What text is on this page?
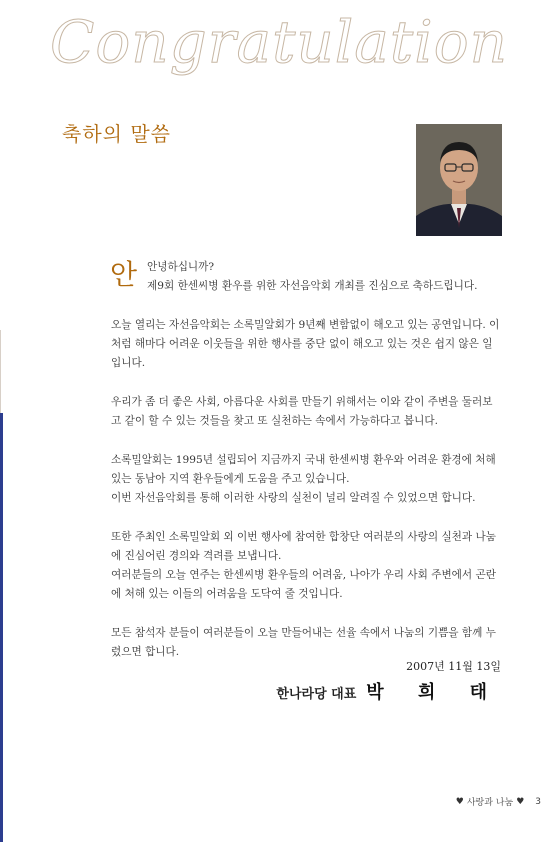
Congratulation
축하의 말씀
안 안녕하십니까?
제9회 한센씨병 환우를 위한 자선음악회 개최를 진심으로 축하드립니다.

오늘 열리는 자선음악회는 소록밀알회가 9년째 변함없이 해오고 있는 공연입니다. 이처럼 해마다 어려운 이웃들을 위한 행사를 중단 없이 해오고 있는 것은 쉽지 않은 일입니다.

우리가 좀 더 좋은 사회, 아름다운 사회를 만들기 위해서는 이와 같이 주변을 둘러보고 같이 할 수 있는 것들을 찾고 또 실천하는 속에서 가능하다고 봅니다.

소록밀알회는 1995년 설립되어 지금까지 국내 한센씨병 환우와 어려운 환경에 처해 있는 동남아 지역 환우들에게 도움을 주고 있습니다.

이번 자선음악회를 통해 이러한 사랑의 실천이 널리 알려질 수 있었으면 합니다.

또한 주최인 소록밀알회 외 이번 행사에 참여한 합창단 여러분의 사랑의 실천과 나눔에 진심어린 경의와 격려를 보냅니다.

여러분들의 오늘 연주는 한센씨병 환우들의 어려움, 나아가 우리 사회 주변에서 곤란에 처해 있는 이들의 어려움을 도닥여 줄 것입니다.

모든 참석자 분들이 여러분들이 오늘 만들어내는 선율 속에서 나눔의 기쁨을 함께 누렸으면 합니다.

2007년 11월 13일
한나라당 대표 박 희 태
♥ 사랑과 나눔 ♥ 3
